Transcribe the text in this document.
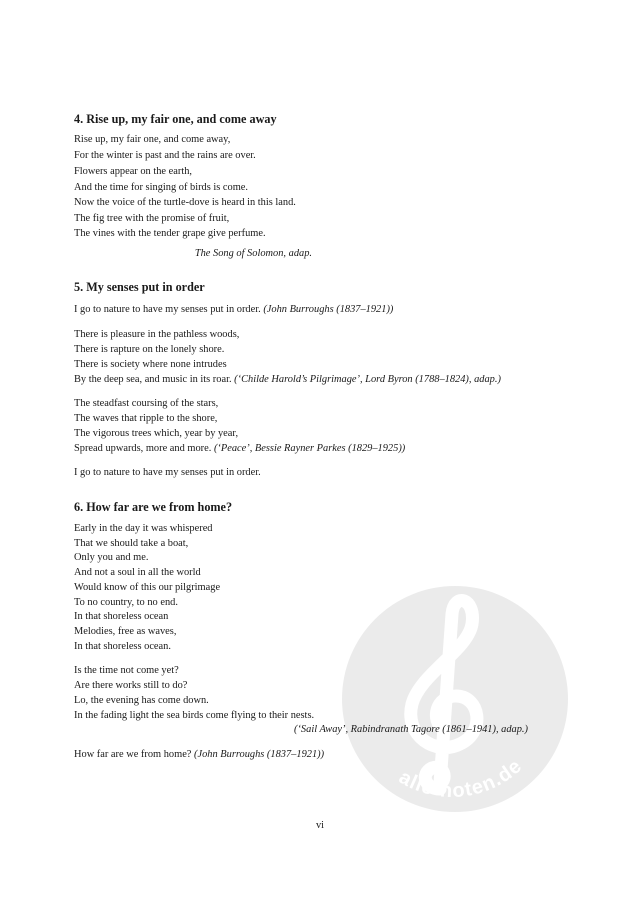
alle-noten.de
4. Rise up, my fair one, and come away
Rise up, my fair one, and come away,
For the winter is past and the rains are over.
Flowers appear on the earth,
And the time for singing of birds is come.
Now the voice of the turtle-dove is heard in this land.
The fig tree with the promise of fruit,
The vines with the tender grape give perfume.
The Song of Solomon, adap.
5. My senses put in order
I go to nature to have my senses put in order. (John Burroughs (1837–1921))
There is pleasure in the pathless woods,
There is rapture on the lonely shore.
There is society where none intrudes
By the deep sea, and music in its roar. (‘Childe Harold’s Pilgrimage’, Lord Byron (1788–1824), adap.)
The steadfast coursing of the stars,
The waves that ripple to the shore,
The vigorous trees which, year by year,
Spread upwards, more and more. (‘Peace’, Bessie Rayner Parkes (1829–1925))
I go to nature to have my senses put in order.
6. How far are we from home?
Early in the day it was whispered
That we should take a boat,
Only you and me.
And not a soul in all the world
Would know of this our pilgrimage
To no country, to no end.
In that shoreless ocean
Melodies, free as waves,
In that shoreless ocean.
Is the time not come yet?
Are there works still to do?
Lo, the evening has come down.
In the fading light the sea birds come flying to their nests.
(‘Sail Away’, Rabindranath Tagore (1861–1941), adap.)
How far are we from home? (John Burroughs (1837–1921))
vi
